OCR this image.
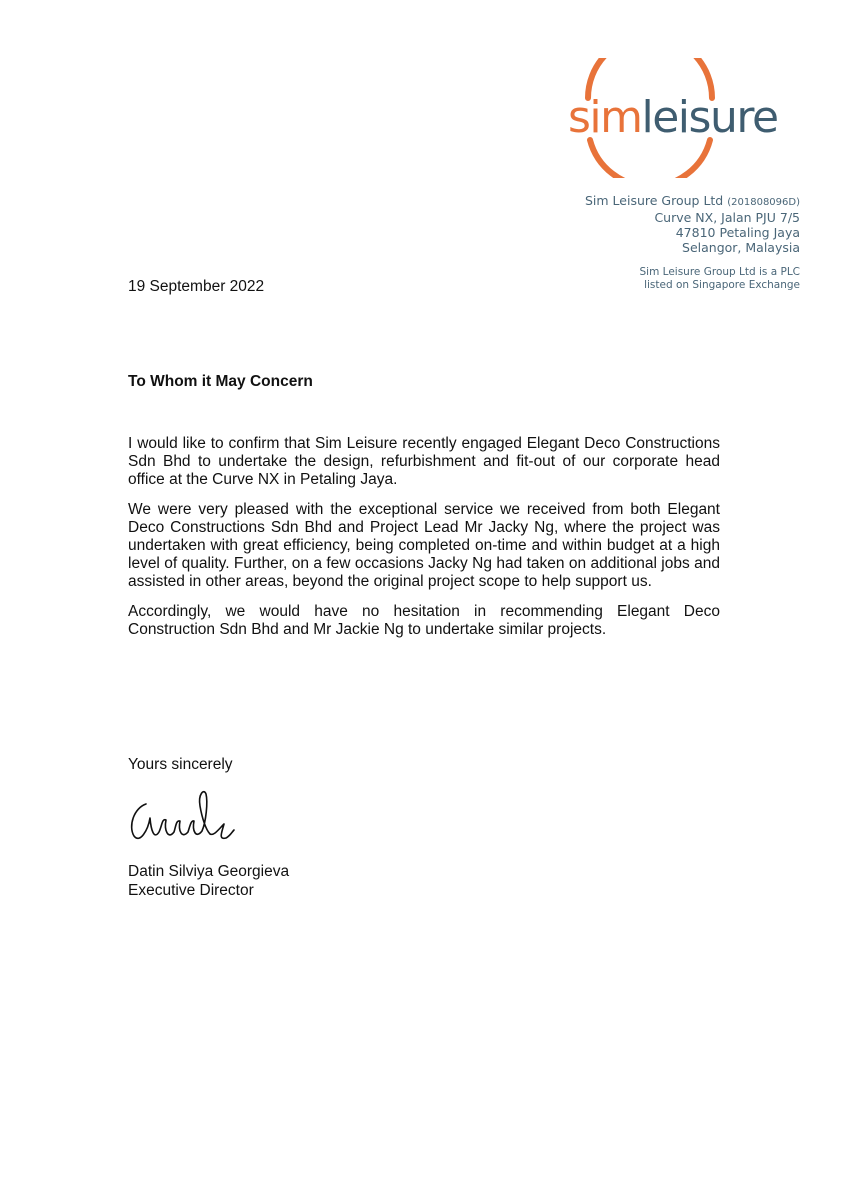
simleisure
Sim Leisure Group Ltd (201808096D)
Curve NX, Jalan PJU 7/5
47810 Petaling Jaya
Selangor, Malaysia
Sim Leisure Group Ltd is a PLC
listed on Singapore Exchange
19 September 2022
To Whom it May Concern

I would like to confirm that Sim Leisure recently engaged Elegant Deco Constructions Sdn Bhd to undertake the design, refurbishment and fit-out of our corporate head office at the Curve NX in Petaling Jaya.

We were very pleased with the exceptional service we received from both Elegant Deco Constructions Sdn Bhd and Project Lead Mr Jacky Ng, where the project was undertaken with great efficiency, being completed on-time and within budget at a high level of quality. Further, on a few occasions Jacky Ng had taken on additional jobs and assisted in other areas, beyond the original project scope to help support us.

Accordingly, we would have no hesitation in recommending Elegant Deco Construction Sdn Bhd and Mr Jackie Ng to undertake similar projects.

Yours sincerely
Datin Silviya Georgieva
Executive Director
